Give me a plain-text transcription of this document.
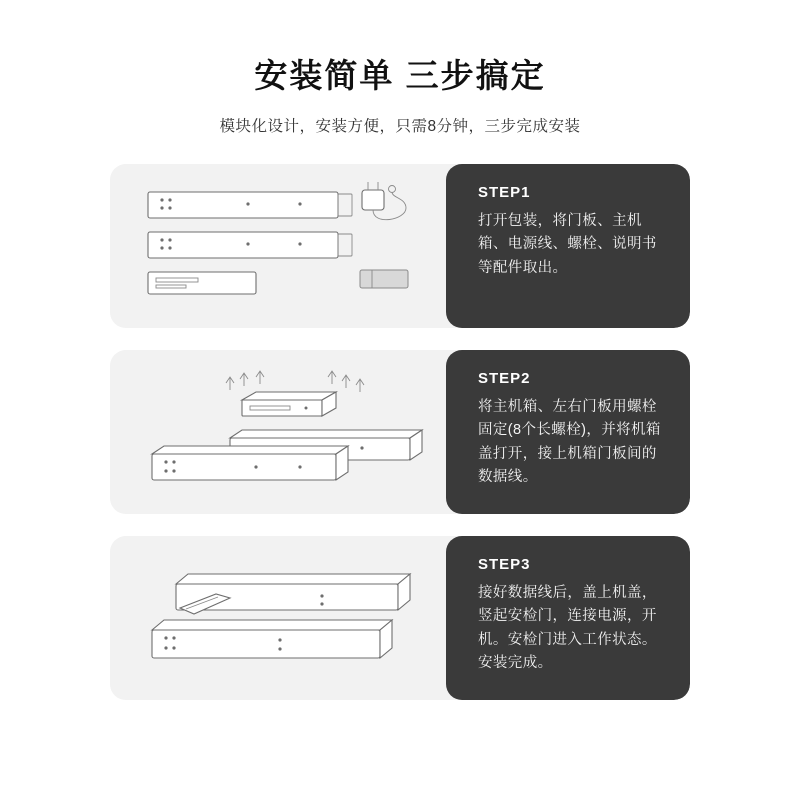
安装简单 三步搞定
模块化设计，安装方便，只需8分钟，三步完成安装
STEP1
打开包装，将门板、主机箱、电源线、螺栓、说明书等配件取出。
STEP2
将主机箱、左右门板用螺栓固定(8个长螺栓)，并将机箱盖打开，接上机箱门板间的数据线。
STEP3
接好数据线后，盖上机盖，竖起安检门，连接电源，开机。安检门进入工作状态。安装完成。
